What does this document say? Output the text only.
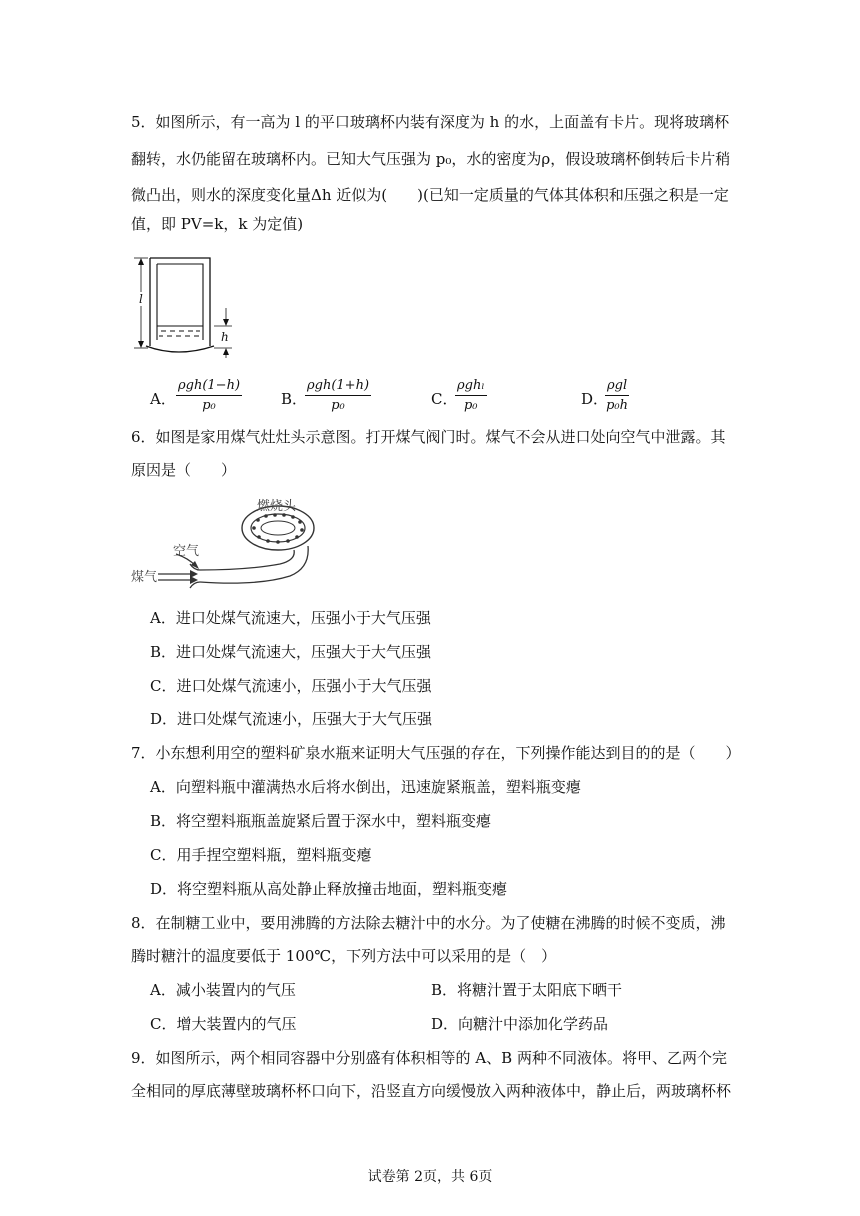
5．如图所示，有一高为 l 的平口玻璃杯内装有深度为 h 的水，上面盖有卡片。现将玻璃杯
翻转，水仍能留在玻璃杯内。已知大气压强为 p₀，水的密度为ρ，假设玻璃杯倒转后卡片稍
微凸出，则水的深度变化量Δh 近似为(　　)(已知一定质量的气体其体积和压强之积是一定
值，即 PV=k，k 为定值)
l
h
A．
ρgh(1−h)
p₀	B．
ρgh(1+h)
p₀	C．
ρghₗ
p₀	D．
ρgl
p₀h
6．如图是家用煤气灶灶头示意图。打开煤气阀门时。煤气不会从进口处向空气中泄露。其
原因是（　　）
燃烧头
空气
煤气
A．进口处煤气流速大，压强小于大气压强
B．进口处煤气流速大，压强大于大气压强
C．进口处煤气流速小，压强小于大气压强
D．进口处煤气流速小，压强大于大气压强
7．小东想利用空的塑料矿泉水瓶来证明大气压强的存在，下列操作能达到目的的是（　　）
A．向塑料瓶中灌满热水后将水倒出，迅速旋紧瓶盖，塑料瓶变瘪
B．将空塑料瓶瓶盖旋紧后置于深水中，塑料瓶变瘪
C．用手捏空塑料瓶，塑料瓶变瘪
D．将空塑料瓶从高处静止释放撞击地面，塑料瓶变瘪
8．在制糖工业中，要用沸腾的方法除去糖汁中的水分。为了使糖在沸腾的时候不变质，沸
腾时糖汁的温度要低于 100℃，下列方法中可以采用的是（　）
A．减小装置内的气压	B．将糖汁置于太阳底下晒干
C．增大装置内的气压	D．向糖汁中添加化学药品
9．如图所示，两个相同容器中分别盛有体积相等的 A、B 两种不同液体。将甲、乙两个完
全相同的厚底薄壁玻璃杯杯口向下，沿竖直方向缓慢放入两种液体中，静止后，两玻璃杯杯
试卷第 2页，共 6页
